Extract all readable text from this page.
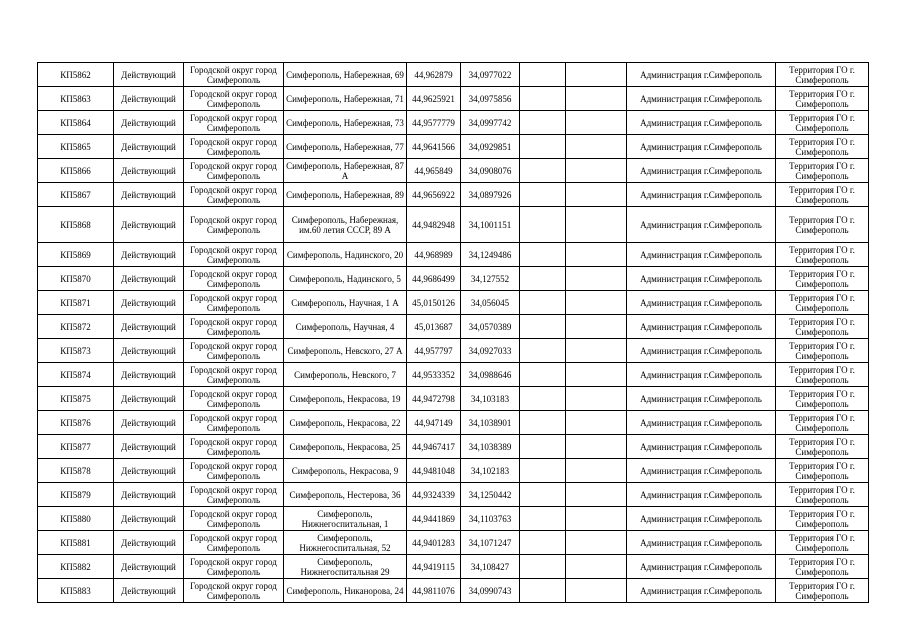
КП5862	Действующий	Городской округ город Симферополь	Симферополь, Набережная, 69	44,962879	34,0977022			Администрация г.Симферополь	Территория ГО г. Симферополь
КП5863	Действующий	Городской округ город Симферополь	Симферополь, Набережная, 71	44,9625921	34,0975856			Администрация г.Симферополь	Территория ГО г. Симферополь
КП5864	Действующий	Городской округ город Симферополь	Симферополь, Набережная, 73	44,9577779	34,0997742			Администрация г.Симферополь	Территория ГО г. Симферополь
КП5865	Действующий	Городской округ город Симферополь	Симферополь, Набережная, 77	44,9641566	34,0929851			Администрация г.Симферополь	Территория ГО г. Симферополь
КП5866	Действующий	Городской округ город Симферополь	Симферополь, Набережная, 87 А	44,965849	34,0908076			Администрация г.Симферополь	Территория ГО г. Симферополь
КП5867	Действующий	Городской округ город Симферополь	Симферополь, Набережная, 89	44,9656922	34,0897926			Администрация г.Симферополь	Территория ГО г. Симферополь
КП5868	Действующий	Городской округ город Симферополь	Симферополь, Набережная, им.60 летия СССР, 89 А	44,9482948	34,1001151			Администрация г.Симферополь	Территория ГО г. Симферополь
КП5869	Действующий	Городской округ город Симферополь	Симферополь, Надинского, 20	44,968989	34,1249486			Администрация г.Симферополь	Территория ГО г. Симферополь
КП5870	Действующий	Городской округ город Симферополь	Симферополь, Надинского, 5	44,9686499	34,127552			Администрация г.Симферополь	Территория ГО г. Симферополь
КП5871	Действующий	Городской округ город Симферополь	Симферополь, Научная, 1 А	45,0150126	34,056045			Администрация г.Симферополь	Территория ГО г. Симферополь
КП5872	Действующий	Городской округ город Симферополь	Симферополь, Научная, 4	45,013687	34,0570389			Администрация г.Симферополь	Территория ГО г. Симферополь
КП5873	Действующий	Городской округ город Симферополь	Симферополь, Невского, 27 А	44,957797	34,0927033			Администрация г.Симферополь	Территория ГО г. Симферополь
КП5874	Действующий	Городской округ город Симферополь	Симферополь, Невского, 7	44,9533352	34,0988646			Администрация г.Симферополь	Территория ГО г. Симферополь
КП5875	Действующий	Городской округ город Симферополь	Симферополь, Некрасова, 19	44,9472798	34,103183			Администрация г.Симферополь	Территория ГО г. Симферополь
КП5876	Действующий	Городской округ город Симферополь	Симферополь, Некрасова, 22	44,947149	34,1038901			Администрация г.Симферополь	Территория ГО г. Симферополь
КП5877	Действующий	Городской округ город Симферополь	Симферополь, Некрасова, 25	44,9467417	34,1038389			Администрация г.Симферополь	Территория ГО г. Симферополь
КП5878	Действующий	Городской округ город Симферополь	Симферополь, Некрасова, 9	44,9481048	34,102183			Администрация г.Симферополь	Территория ГО г. Симферополь
КП5879	Действующий	Городской округ город Симферополь	Симферополь, Нестерова, 36	44,9324339	34,1250442			Администрация г.Симферополь	Территория ГО г. Симферополь
КП5880	Действующий	Городской округ город Симферополь	Симферополь, Нижнегоспитальная, 1	44,9441869	34,1103763			Администрация г.Симферополь	Территория ГО г. Симферополь
КП5881	Действующий	Городской округ город Симферополь	Симферополь, Нижнегоспитальная, 52	44,9401283	34,1071247			Администрация г.Симферополь	Территория ГО г. Симферополь
КП5882	Действующий	Городской округ город Симферополь	Симферополь, Нижнегоспитальная 29	44,9419115	34,108427			Администрация г.Симферополь	Территория ГО г. Симферополь
КП5883	Действующий	Городской округ город Симферополь	Симферополь, Никанорова, 24	44,9811076	34,0990743			Администрация г.Симферополь	Территория ГО г. Симферополь
